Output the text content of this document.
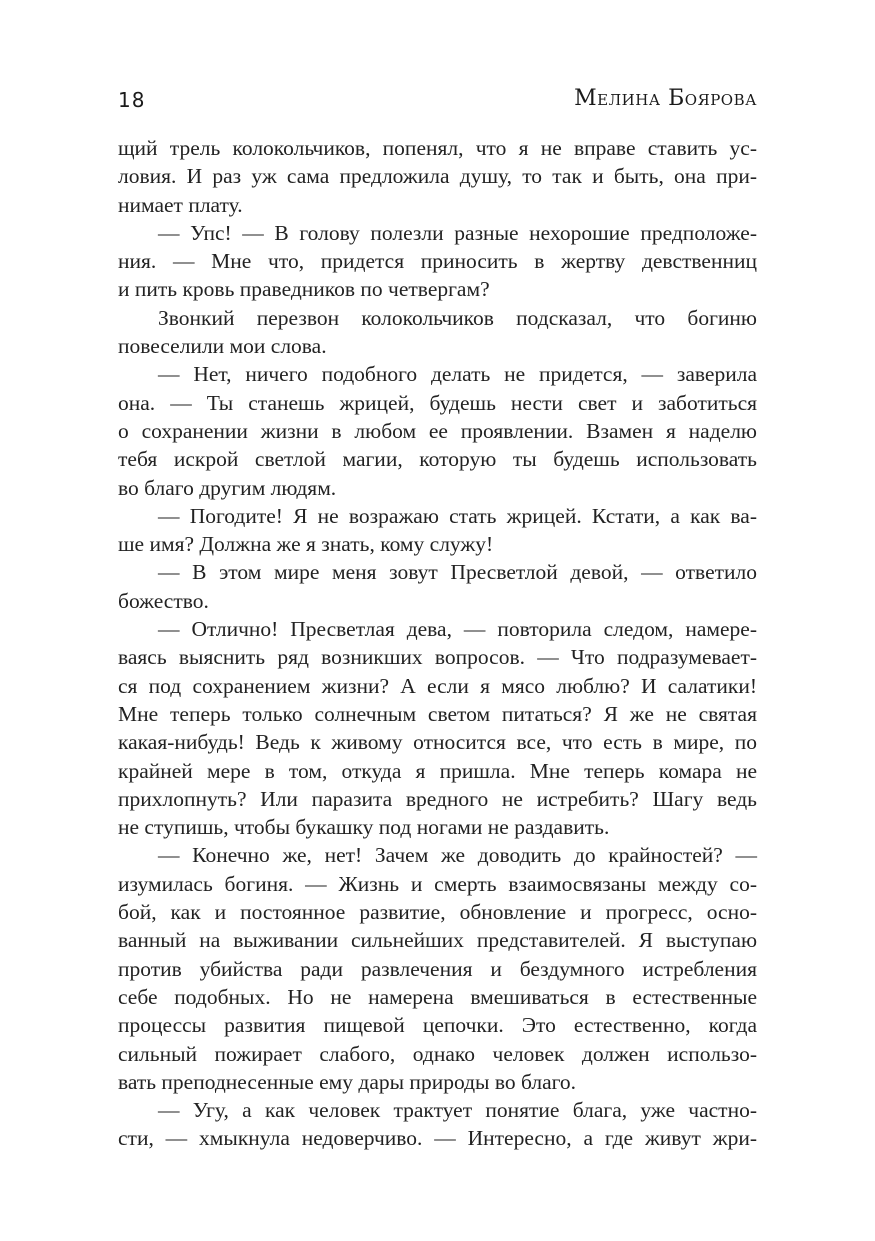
18	Мелина Боярова
щий трель колокольчиков, попенял, что я не вправе ставить ус-
ловия. И раз уж сама предложила душу, то так и быть, она при-
нимает плату.
— Упс! — В голову полезли разные нехорошие предположе-
ния. — Мне что, придется приносить в жертву девственниц
и пить кровь праведников по четвергам?
Звонкий перезвон колокольчиков подсказал, что богиню
повеселили мои слова.
— Нет, ничего подобного делать не придется, — заверила
она. — Ты станешь жрицей, будешь нести свет и заботиться
о сохранении жизни в любом ее проявлении. Взамен я наделю
тебя искрой светлой магии, которую ты будешь использовать
во благо другим людям.
— Погодите! Я не возражаю стать жрицей. Кстати, а как ва-
ше имя? Должна же я знать, кому служу!
— В этом мире меня зовут Пресветлой девой, — ответило
божество.
— Отлично! Пресветлая дева, — повторила следом, намере-
ваясь выяснить ряд возникших вопросов. — Что подразумевает-
ся под сохранением жизни? А если я мясо люблю? И салатики!
Мне теперь только солнечным светом питаться? Я же не святая
какая-нибудь! Ведь к живому относится все, что есть в мире, по
крайней мере в том, откуда я пришла. Мне теперь комара не
прихлопнуть? Или паразита вредного не истребить? Шагу ведь
не ступишь, чтобы букашку под ногами не раздавить.
— Конечно же, нет! Зачем же доводить до крайностей? —
изумилась богиня. — Жизнь и смерть взаимосвязаны между со-
бой, как и постоянное развитие, обновление и прогресс, осно-
ванный на выживании сильнейших представителей. Я выступаю
против убийства ради развлечения и бездумного истребления
себе подобных. Но не намерена вмешиваться в естественные
процессы развития пищевой цепочки. Это естественно, когда
сильный пожирает слабого, однако человек должен использо-
вать преподнесенные ему дары природы во благо.
— Угу, а как человек трактует понятие блага, уже частно-
сти, — хмыкнула недоверчиво. — Интересно, а где живут жри-
